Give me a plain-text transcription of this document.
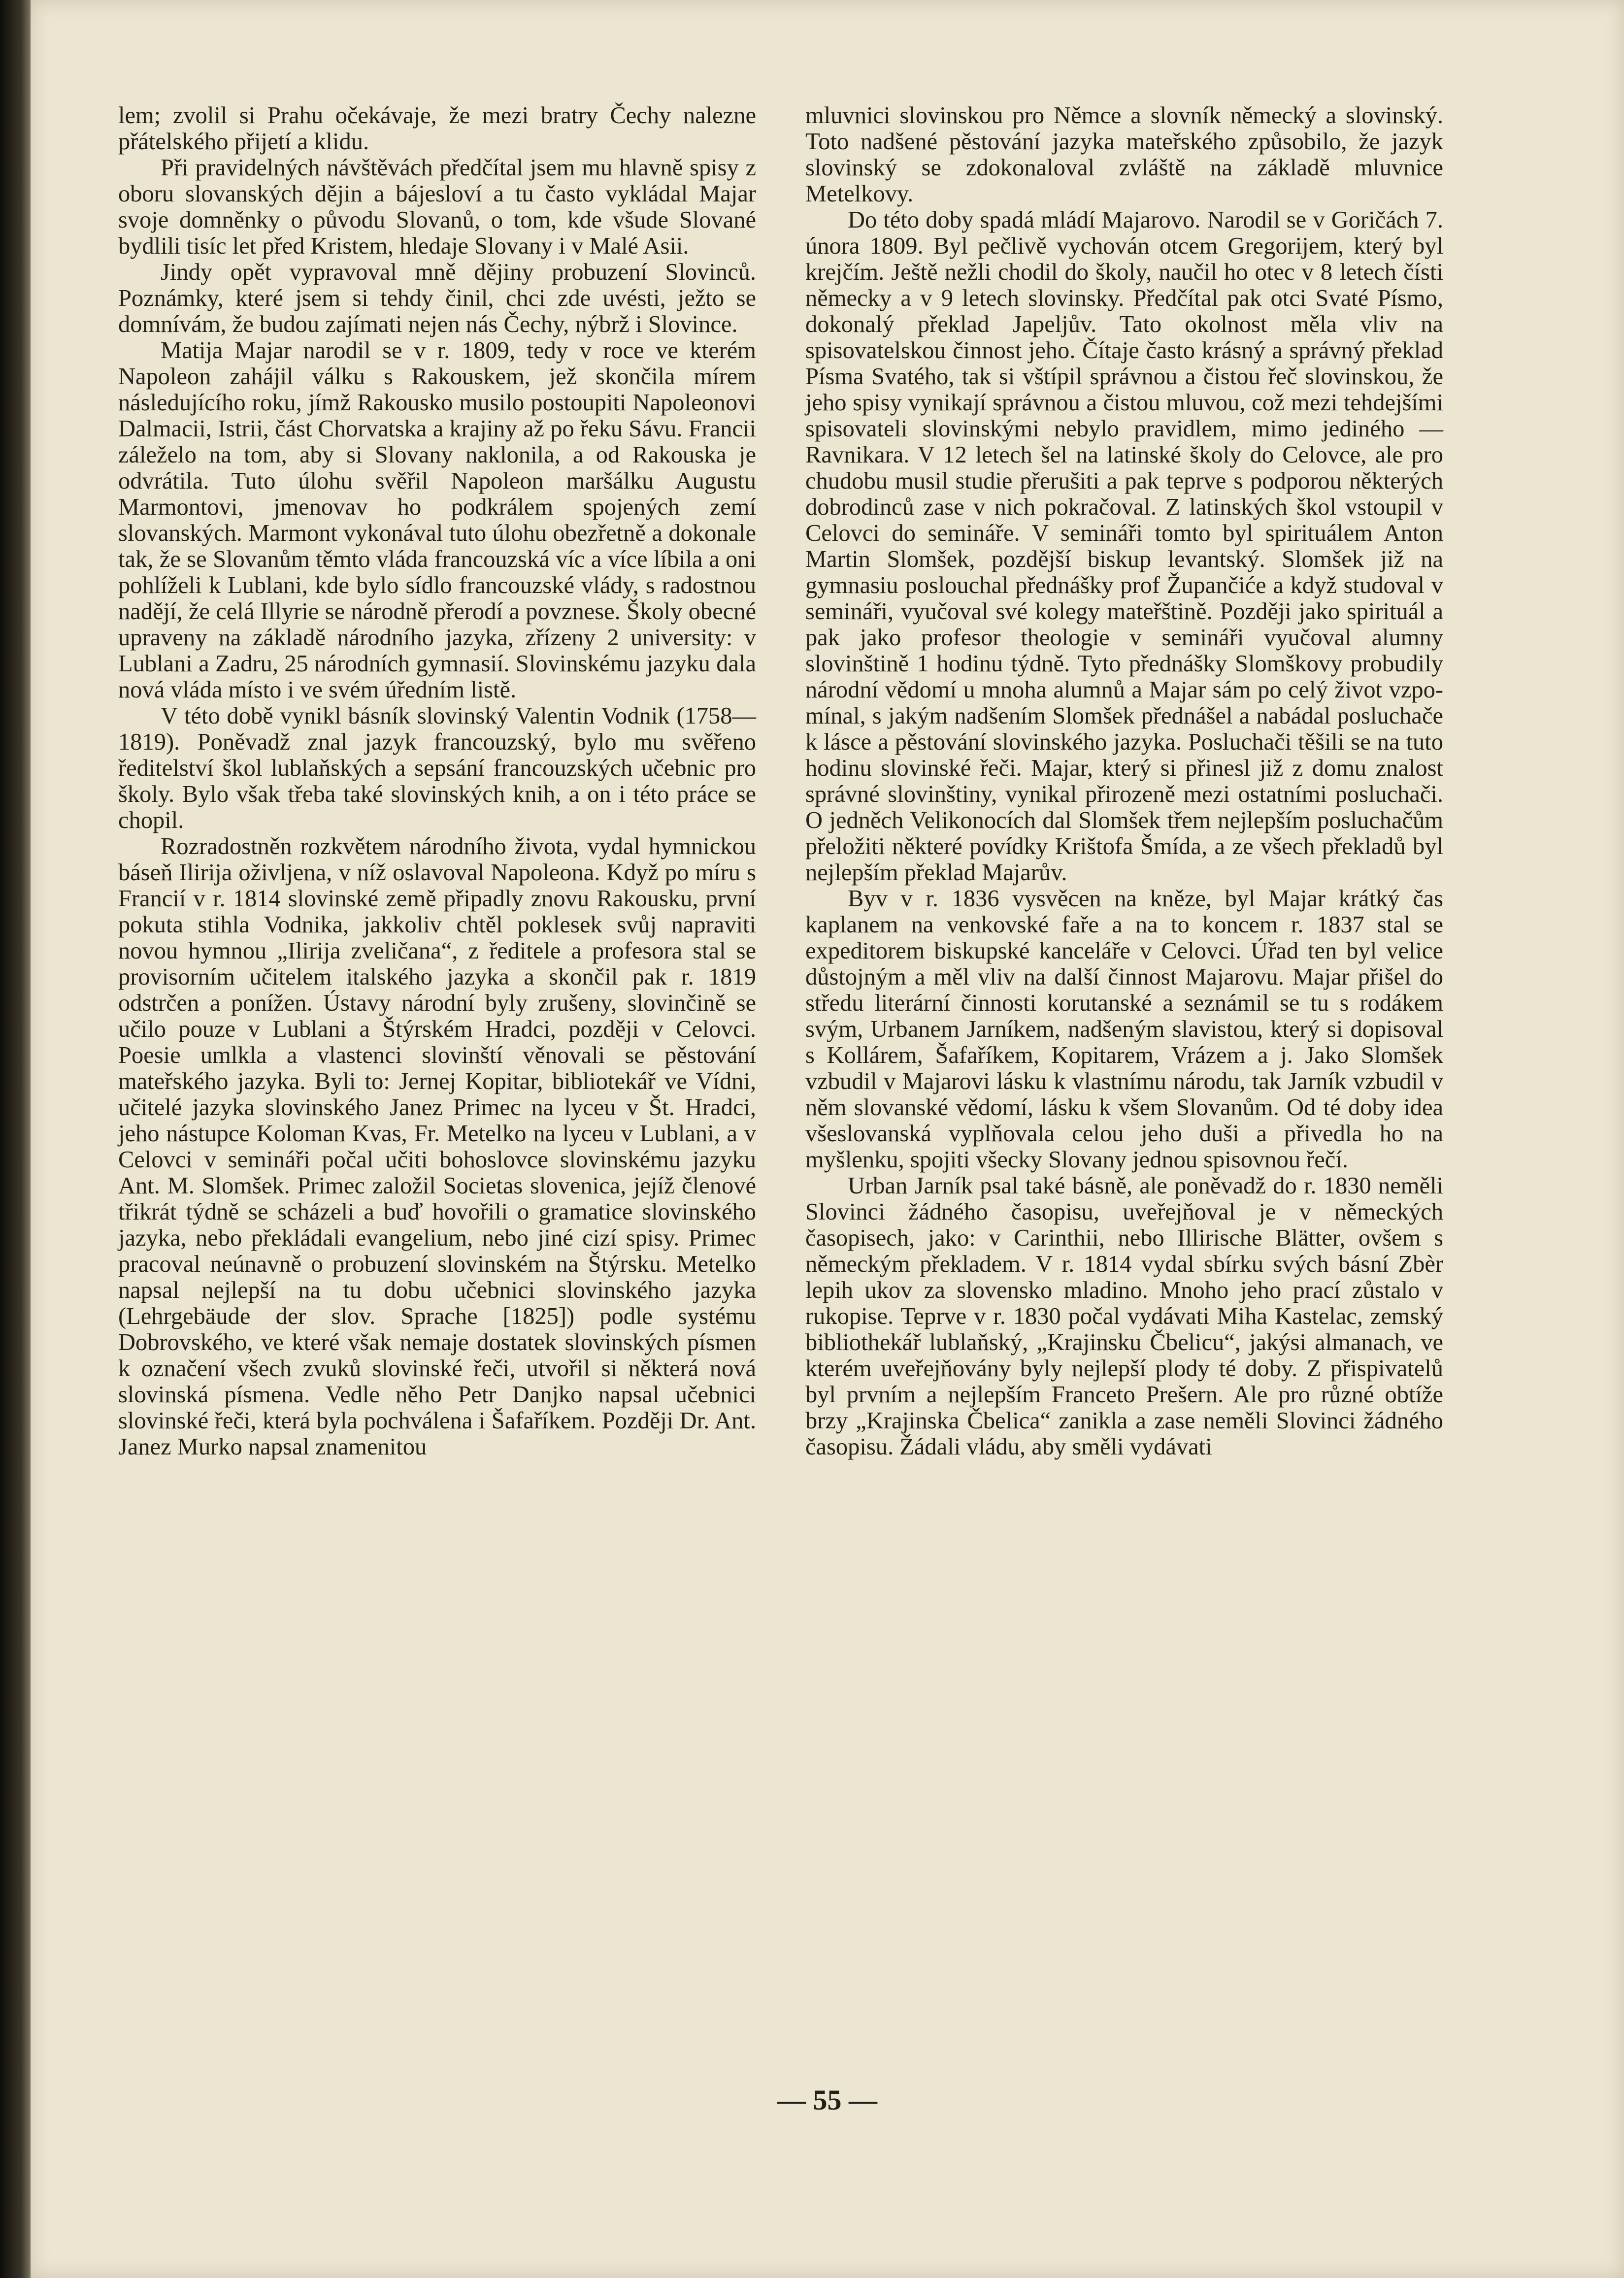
lem; zvolil si Prahu očekávaje, že mezi bratry Čechy nalezne přátelského přijetí a klidu.

Při pravidelných návštěvách předčítal jsem mu hlavně spisy z oboru slovanských dějin a bájesloví a tu často vykládal Majar svoje domněnky o původu Slovanů, o tom, kde všude Slované bydlili tisíc let před Kristem, hledaje Slovany i v Malé Asii.

Jindy opět vypravoval mně dějiny probuzení Slovinců. Poznámky, které jsem si tehdy činil, chci zde uvésti, ježto se domnívám, že budou zajímati nejen nás Čechy, nýbrž i Slovince.

Matija Majar narodil se v r. 1809, tedy v roce ve kterém Napoleon zahájil válku s Rakouskem, jež skončila mírem následujícího roku, jímž Rakousko musilo postoupiti Napoleonovi Dalmacii, Istrii, část Chorvatska a krajiny až po řeku Sávu. Francii záleželo na tom, aby si Slovany naklonila, a od Rakouska je odvrátila. Tuto úlohu svěřil Napoleon maršálku Augustu Marmontovi, jmenovav ho podkrálem spojených zemí slovanských. Marmont vykonával tuto úlohu obezřetně a dokonale tak, že se Slovanům těmto vláda francouzská víc a více líbila a oni pohlíželi k Lublani, kde bylo sídlo francouzské vlády, s radostnou nadějí, že celá Illyrie se národně přerodí a povznese. Školy obecné upraveny na základě národního jazyka, zřízeny 2 university: v Lublani a Zadru, 25 národních gymnasií. Slovinskému jazyku dala nová vláda místo i ve svém úředním listě.

V této době vynikl básník slovinský Valentin Vodnik (1758—1819). Poněvadž znal jazyk francouzský, bylo mu svěřeno ředitelství škol lublaňských a sepsání francouzských učebnic pro školy. Bylo však třeba také slovinských knih, a on i této práce se chopil.

Rozradostněn rozkvětem národního života, vydal hymnickou báseň Ilirija oživljena, v níž oslavoval Napoleona. Když po míru s Francií v r. 1814 slovinské země připadly znovu Rakousku, první pokuta stihla Vodnika, jakkoliv chtěl poklesek svůj napraviti novou hymnou „Ilirija zveličana“, z ředitele a profesora stal se provisorním učitelem italského jazyka a skončil pak r. 1819 odstrčen a ponížen. Ústavy národní byly zrušeny, slovinčině se učilo pouze v Lublani a Štýrském Hradci, později v Celovci. Poesie umlkla a vlastenci slovinští věnovali se pěstování mateřského jazyka. Byli to: Jernej Kopitar, bibliotekář ve Vídni, učitelé jazyka slovinského Janez Primec na lyceu v Št. Hradci, jeho nástupce Koloman Kvas, Fr. Metelko na lyceu v Lublani, a v Celovci v semináři počal učiti bohoslovce slovinskému jazyku Ant. M. Slomšek. Primec založil Societas slovenica, jejíž členové třikrát týdně se scházeli a buď hovořili o gramatice slovinského jazyka, nebo překládali evangelium, nebo jiné cizí spisy. Primec pracoval neúnavně o probuzení slovinském na Štýrsku. Metelko napsal nejlepší na tu dobu učebnici slovinského jazyka (Lehrgebäude der slov. Sprache [1825]) podle systému Dobrovského, ve které však nemaje dostatek slovinských písmen k označení všech zvuků slovinské řeči, utvořil si některá nová slovinská písmena. Vedle něho Petr Danjko napsal učebnici slovinské řeči, která byla pochválena i Šafaříkem. Později Dr. Ant. Janez Murko napsal znamenitou

mluvnici slovinskou pro Němce a slovník německý a slovinský. Toto nadšené pěstování jazyka mateřského způsobilo, že jazyk slovinský se zdokonaloval zvláště na základě mluvnice Metelkovy.

Do této doby spadá mládí Majarovo. Narodil se v Goričách 7. února 1809. Byl pečlivě vychován otcem Gregorijem, který byl krejčím. Ještě nežli chodil do školy, naučil ho otec v 8 letech čísti německy a v 9 letech slovinsky. Předčítal pak otci Svaté Písmo, dokonalý překlad Japeljův. Tato okolnost měla vliv na spisovatelskou činnost jeho. Čítaje často krásný a správný překlad Písma Svatého, tak si vštípil správnou a čistou řeč slovinskou, že jeho spisy vynikají správnou a čistou mluvou, což mezi tehdejšími spisovateli slovinskými nebylo pravidlem, mimo jediného — Ravnikara. V 12 letech šel na latinské školy do Celovce, ale pro chudobu musil studie přerušiti a pak teprve s podporou některých dobrodinců zase v nich pokračoval. Z latinských škol vstoupil v Celovci do semináře. V semináři tomto byl spirituálem Anton Martin Slomšek, pozdější biskup levantský. Slomšek již na gymnasiu poslouchal přednášky prof Župančiće a když studoval v semináři, vyučoval své kolegy mateřštině. Později jako spirituál a pak jako profesor theologie v semináři vyučoval alumny slovinštině 1 hodinu týdně. Tyto přednášky Slomškovy probudily národní vědomí u mnoha alumnů a Majar sám po celý život vzpomínal, s jakým nadšením Slomšek přednášel a nabádal posluchače k lásce a pěstování slovinského jazyka. Posluchači těšili se na tuto hodinu slovinské řeči. Majar, který si přinesl již z domu znalost správné slovinštiny, vynikal přirozeně mezi ostatními posluchači. O jedněch Velikonocích dal Slomšek třem nejlepším posluchačům přeložiti některé povídky Krištofa Šmída, a ze všech překladů byl nejlepším překlad Majarův.

Byv v r. 1836 vysvěcen na kněze, byl Majar krátký čas kaplanem na venkovské faře a na to koncem r. 1837 stal se expeditorem biskupské kanceláře v Celovci. Úřad ten byl velice důstojným a měl vliv na další činnost Majarovu. Majar přišel do středu literární činnosti korutanské a seznámil se tu s rodákem svým, Urbanem Jarníkem, nadšeným slavistou, který si dopisoval s Kollárem, Šafaříkem, Kopitarem, Vrázem a j. Jako Slomšek vzbudil v Majarovi lásku k vlastnímu národu, tak Jarník vzbudil v něm slovanské vědomí, lásku k všem Slovanům. Od té doby idea všeslovanská vyplňovala celou jeho duši a přivedla ho na myšlenku, spojiti všecky Slovany jednou spisovnou řečí.

Urban Jarník psal také básně, ale poněvadž do r. 1830 neměli Slovinci žádného časopisu, uveřejňoval je v německých časopisech, jako: v Carinthii, nebo Illirische Blätter, ovšem s německým překladem. V r. 1814 vydal sbírku svých básní Zbèr lepih ukov za slovensko mladino. Mnoho jeho prací zůstalo v rukopise. Teprve v r. 1830 počal vydávati Miha Kastelac, zemský bibliothekář lublaňský, „Krajinsku Čbelicu“, jakýsi almanach, ve kterém uveřejňovány byly nejlepší plody té doby. Z přispivatelů byl prvním a nejlepším Franceto Prešern. Ale pro různé obtíže brzy „Krajinska Čbelica“ zanikla a zase neměli Slovinci žádného časopisu. Žádali vládu, aby směli vydávati

— 55 —
